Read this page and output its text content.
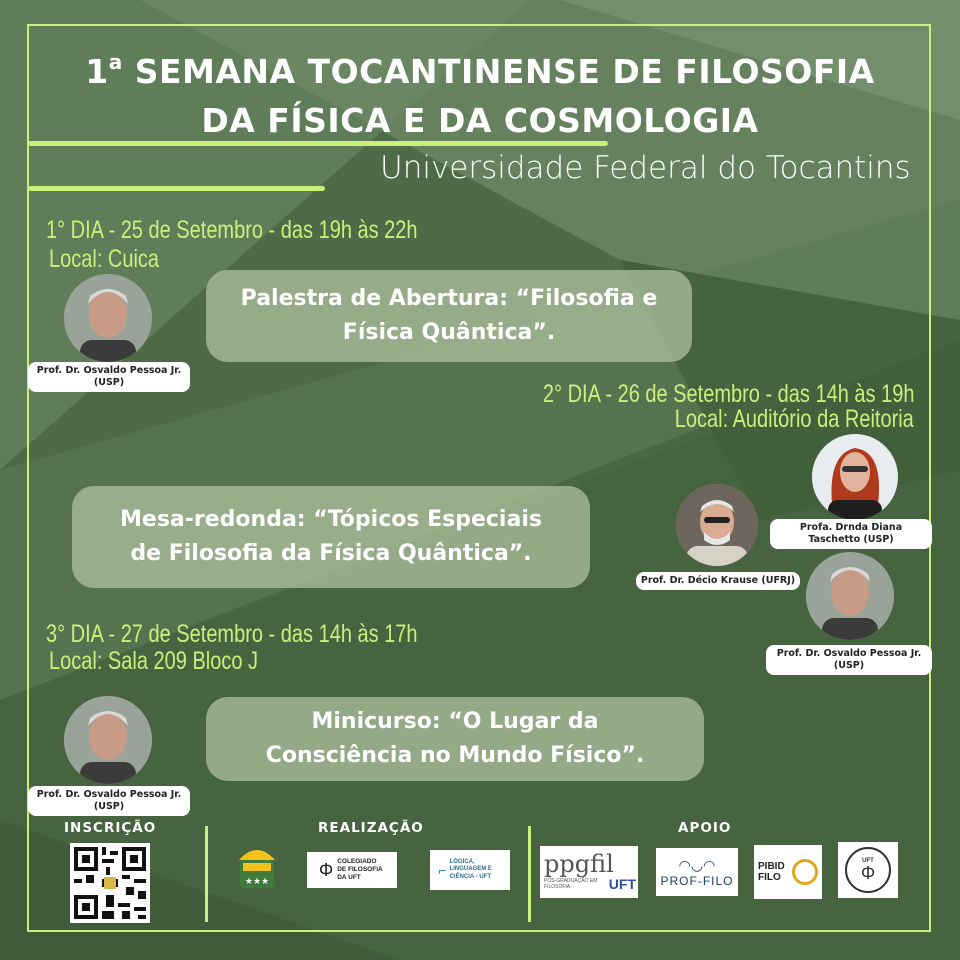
1$^a$ SEMANA TOCANTINENSE DE FILOSOFIA
DA FÍSICA E DA COSMOLOGIA
Universidade Federal do Tocantins
1° DIA - 25 de Setembro - das 19h às 22h
Local: Cuica
Prof. Dr. Osvaldo Pessoa Jr. (USP)
Palestra de Abertura: “Filosofia e Física Quântica”.
2° DIA - 26 de Setembro - das 14h às 19h
Local: Auditório da Reitoria
Profa. Drnda Diana Taschetto (USP)
Prof. Dr. Décio Krause (UFRJ)
Prof. Dr. Osvaldo Pessoa Jr. (USP)
Mesa-redonda: “Tópicos Especiais de Filosofia da Física Quântica”.
3° DIA - 27 de Setembro - das 14h às 17h
Local: Sala 209 Bloco J
Prof. Dr. Osvaldo Pessoa Jr. (USP)
Minicurso: “O Lugar da Consciência no Mundo Físico”.
INSCRIÇÃO	REALIZAÇÃO
★★★
Φ COLEGIADO DE FILOSOFIA DA UFT	⌐
LÓGICA, LINGUAGEM E CIÊNCIA - UFT
APOIO
ppgfil
PÓS-GRADUAÇÃO EM FILOSOFIA	UFT
◠◡◠
PROF-FILO
PIBID FILO
UFT
Φ
